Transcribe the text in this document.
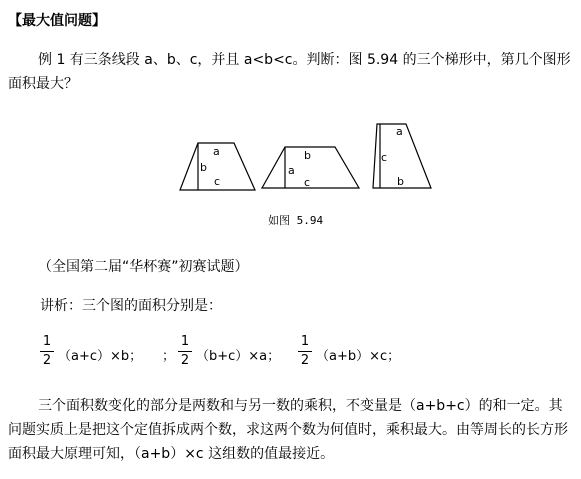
【最大值问题】
例 1 有三条线段 a、b、c，并且 a<b<c。判断：图 5.94 的三个梯形中，第几个图形面积最大？
a
b
c
b
a
c
a
c
b
如图 5.94
（全国第二届“华杯赛”初赛试题）
讲析：三个图的面积分别是：
1
2 （a+c）×b； ；
1
2 （b+c）×a；
1
2 （a+b）×c；
三个面积数变化的部分是两数和与另一数的乘积，不变量是（a+b+c）的和一定。其问题实质上是把这个定值拆成两个数，求这两个数为何值时，乘积最大。由等周长的长方形面积最大原理可知，（a+b）×c 这组数的值最接近。
